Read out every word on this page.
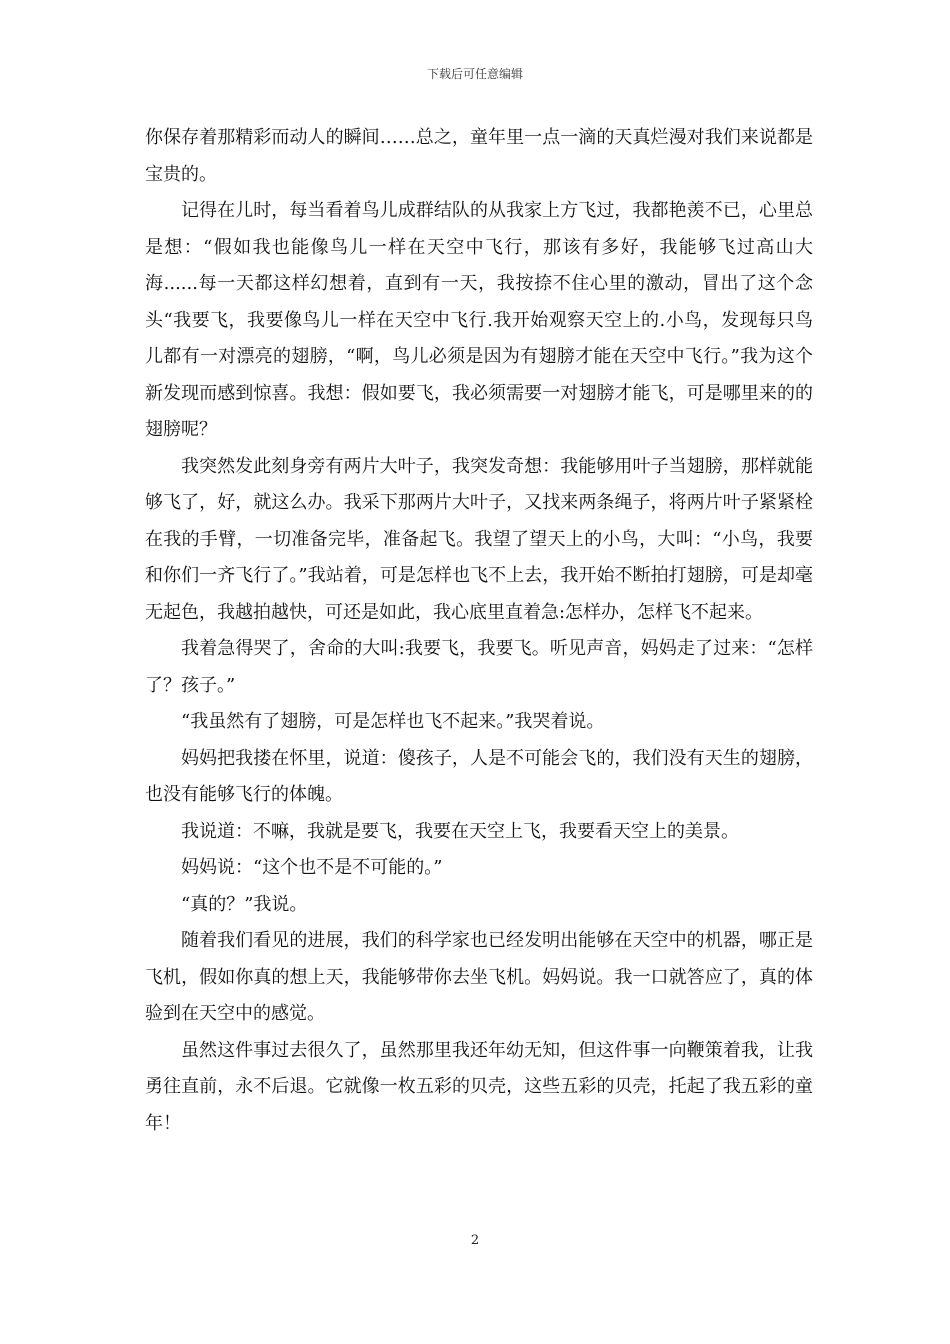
下载后可任意编辑

你保存着那精彩而动人的瞬间……总之，童年里一点一滴的天真烂漫对我们来说都是宝贵的。

记得在儿时，每当看着鸟儿成群结队的从我家上方飞过，我都艳羡不已，心里总是想：“假如我也能像鸟儿一样在天空中飞行，那该有多好，我能够飞过高山大海......每一天都这样幻想着，直到有一天，我按捺不住心里的激动，冒出了这个念头“我要飞，我要像鸟儿一样在天空中飞行.我开始观察天空上的.小鸟，发现每只鸟儿都有一对漂亮的翅膀，“啊，鸟儿必须是因为有翅膀才能在天空中飞行。”我为这个新发现而感到惊喜。我想：假如要飞，我必须需要一对翅膀才能飞，可是哪里来的的翅膀呢？

我突然发此刻身旁有两片大叶子，我突发奇想：我能够用叶子当翅膀，那样就能够飞了，好，就这么办。我采下那两片大叶子，又找来两条绳子，将两片叶子紧紧栓在我的手臂，一切准备完毕，准备起飞。我望了望天上的小鸟，大叫：“小鸟，我要和你们一齐飞行了。”我站着，可是怎样也飞不上去，我开始不断拍打翅膀，可是却毫无起色，我越拍越快，可还是如此，我心底里直着急:怎样办，怎样飞不起来。

我着急得哭了，舍命的大叫:我要飞，我要飞。听见声音，妈妈走了过来：“怎样了？孩子。”

“我虽然有了翅膀，可是怎样也飞不起来。”我哭着说。

妈妈把我搂在怀里，说道：傻孩子，人是不可能会飞的，我们没有天生的翅膀，也没有能够飞行的体魄。

我说道：不嘛，我就是要飞，我要在天空上飞，我要看天空上的美景。

妈妈说：“这个也不是不可能的。”

“真的？”我说。

随着我们看见的进展，我们的科学家也已经发明出能够在天空中的机器，哪正是飞机，假如你真的想上天，我能够带你去坐飞机。妈妈说。我一口就答应了，真的体验到在天空中的感觉。

虽然这件事过去很久了，虽然那里我还年幼无知，但这件事一向鞭策着我，让我勇往直前，永不后退。它就像一枚五彩的贝壳，这些五彩的贝壳，托起了我五彩的童年！

2
